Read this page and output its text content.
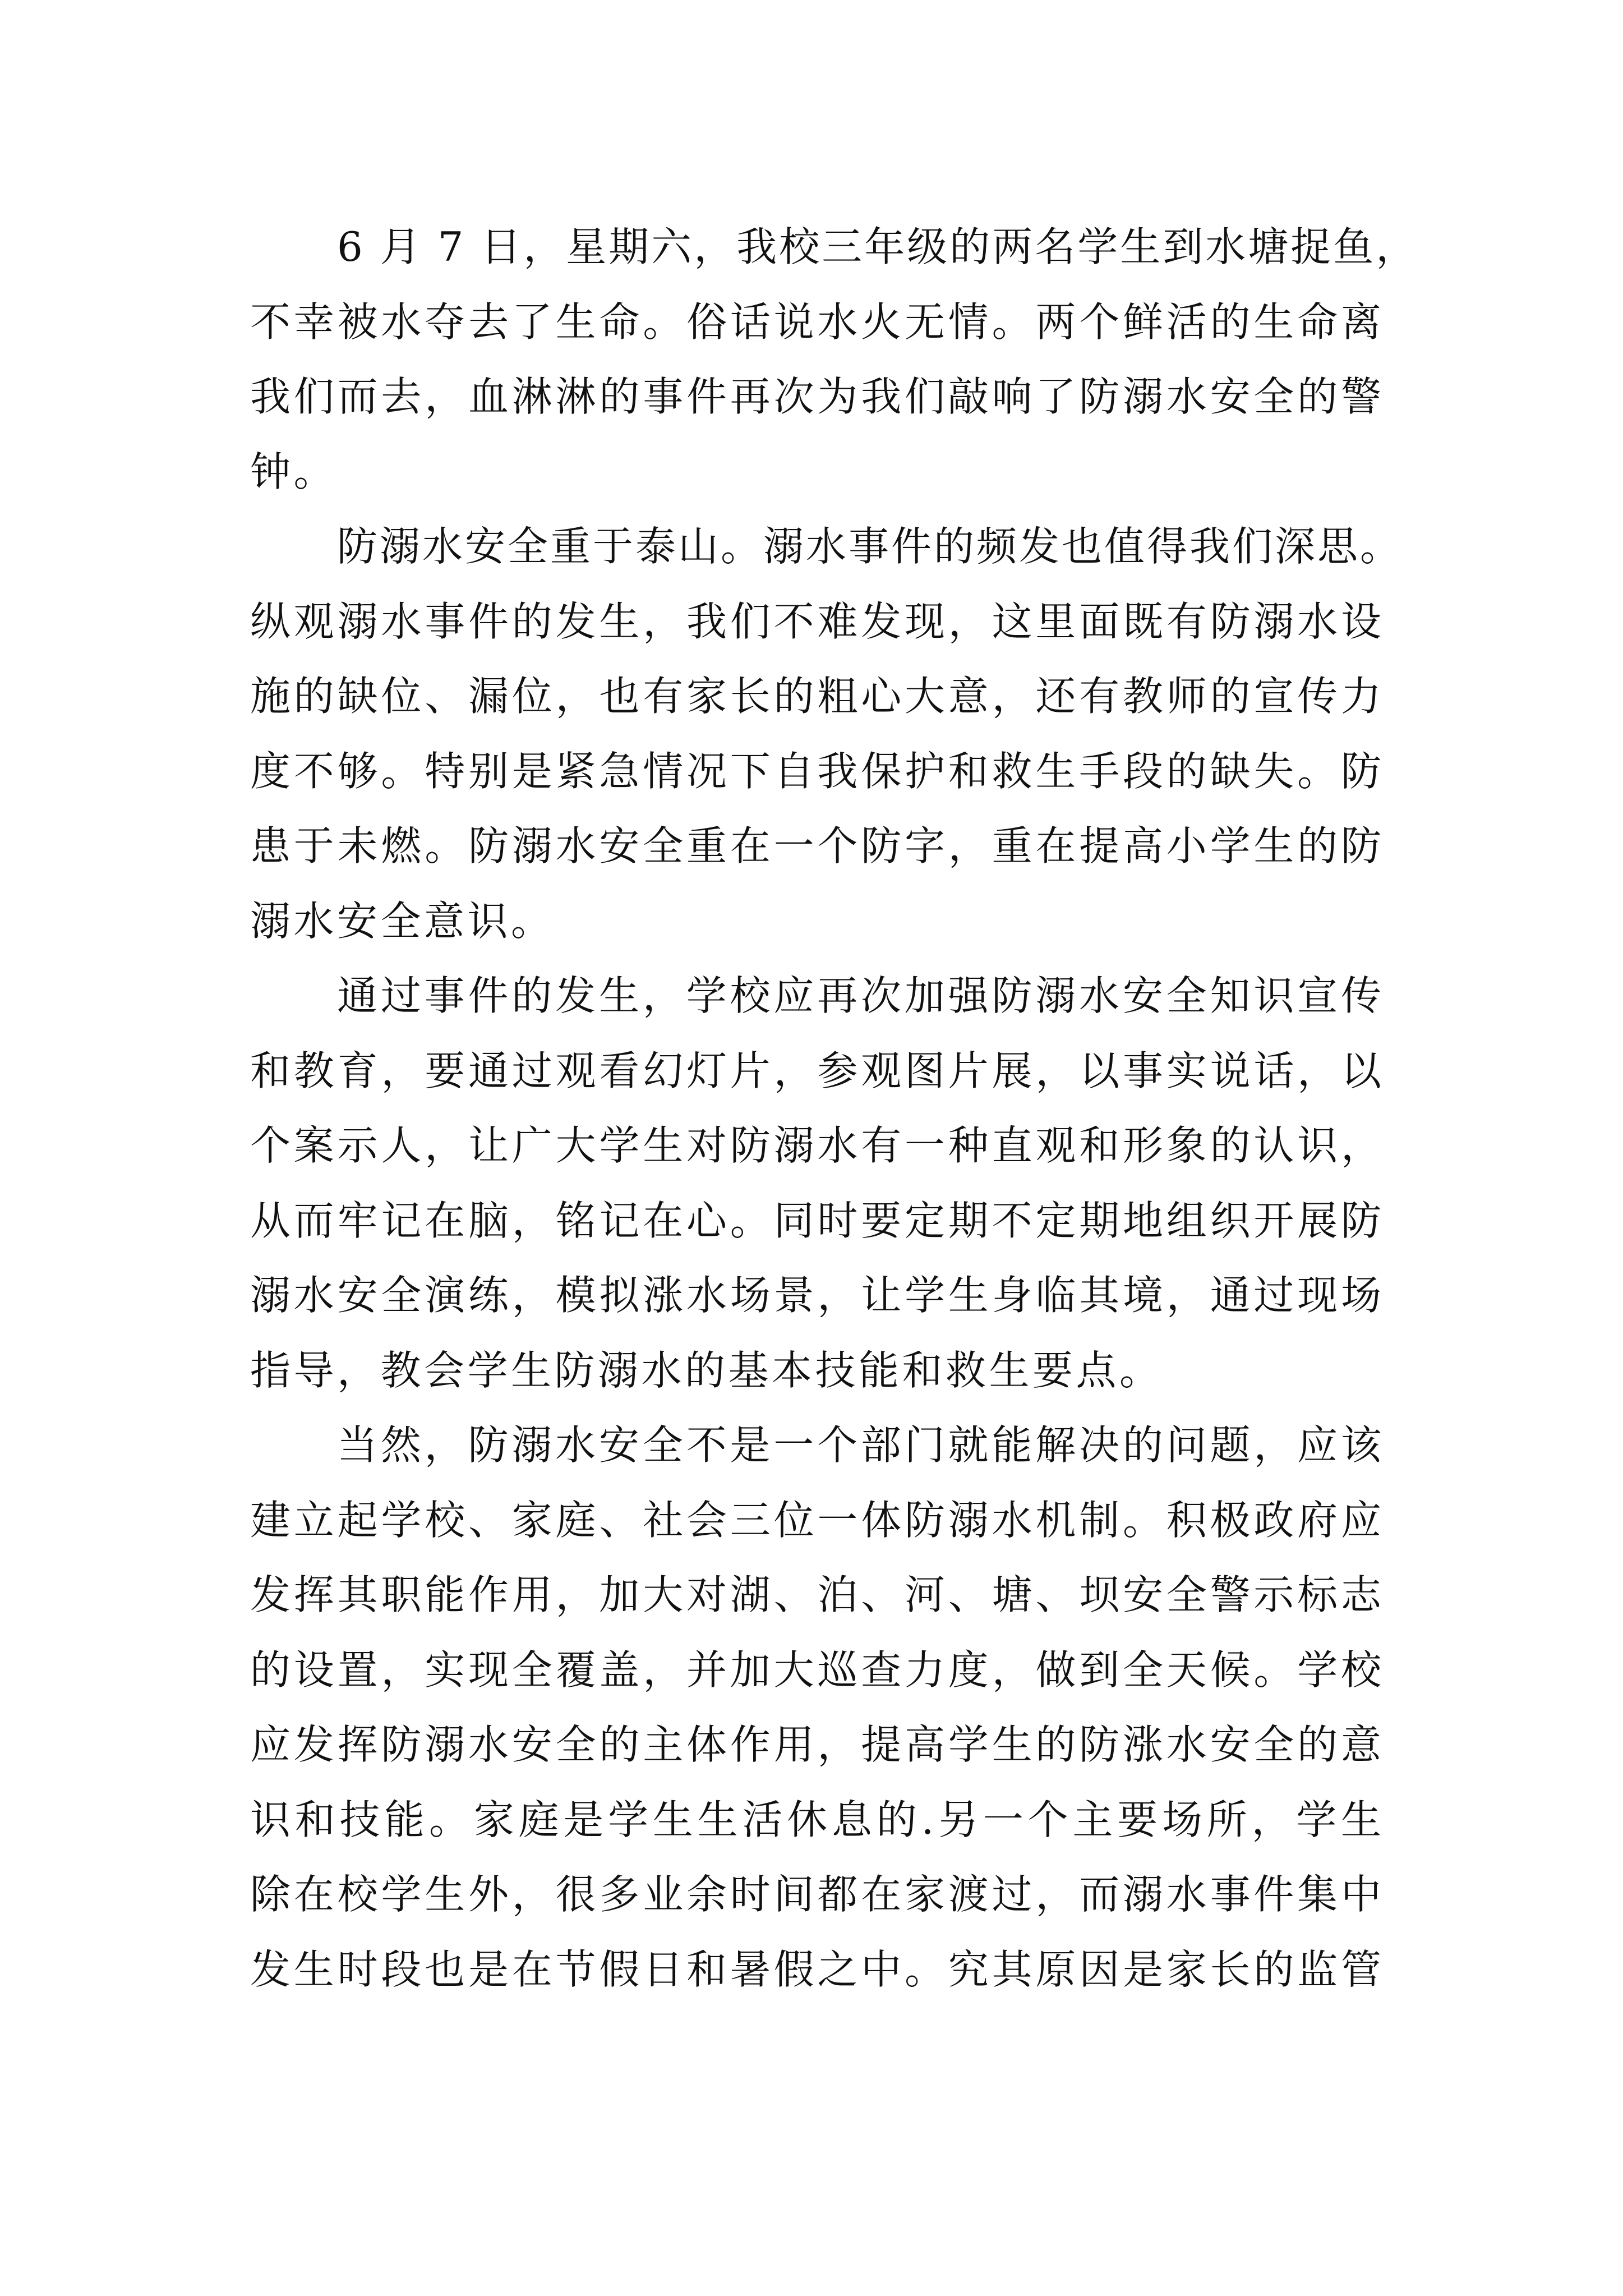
6 月 7 日，星期六，我校三年级的两名学生到水塘捉鱼，
不幸被水夺去了生命。俗话说水火无情。两个鲜活的生命离
我们而去，血淋淋的事件再次为我们敲响了防溺水安全的警
钟。
防溺水安全重于泰山。溺水事件的频发也值得我们深思。
纵观溺水事件的发生，我们不难发现，这里面既有防溺水设
施的缺位、漏位，也有家长的粗心大意，还有教师的宣传力
度不够。特别是紧急情况下自我保护和救生手段的缺失。防
患于未燃。防溺水安全重在一个防字，重在提高小学生的防
溺水安全意识。
通过事件的发生，学校应再次加强防溺水安全知识宣传
和教育，要通过观看幻灯片，参观图片展，以事实说话，以
个案示人，让广大学生对防溺水有一种直观和形象的认识，
从而牢记在脑，铭记在心。同时要定期不定期地组织开展防
溺水安全演练，模拟涨水场景，让学生身临其境，通过现场
指导，教会学生防溺水的基本技能和救生要点。
当然，防溺水安全不是一个部门就能解决的问题，应该
建立起学校、家庭、社会三位一体防溺水机制。积极政府应
发挥其职能作用，加大对湖、泊、河、塘、坝安全警示标志
的设置，实现全覆盖，并加大巡查力度，做到全天候。学校
应发挥防溺水安全的主体作用，提高学生的防涨水安全的意
识和技能。家庭是学生生活休息的.另一个主要场所，学生
除在校学生外，很多业余时间都在家渡过，而溺水事件集中
发生时段也是在节假日和暑假之中。究其原因是家长的监管
